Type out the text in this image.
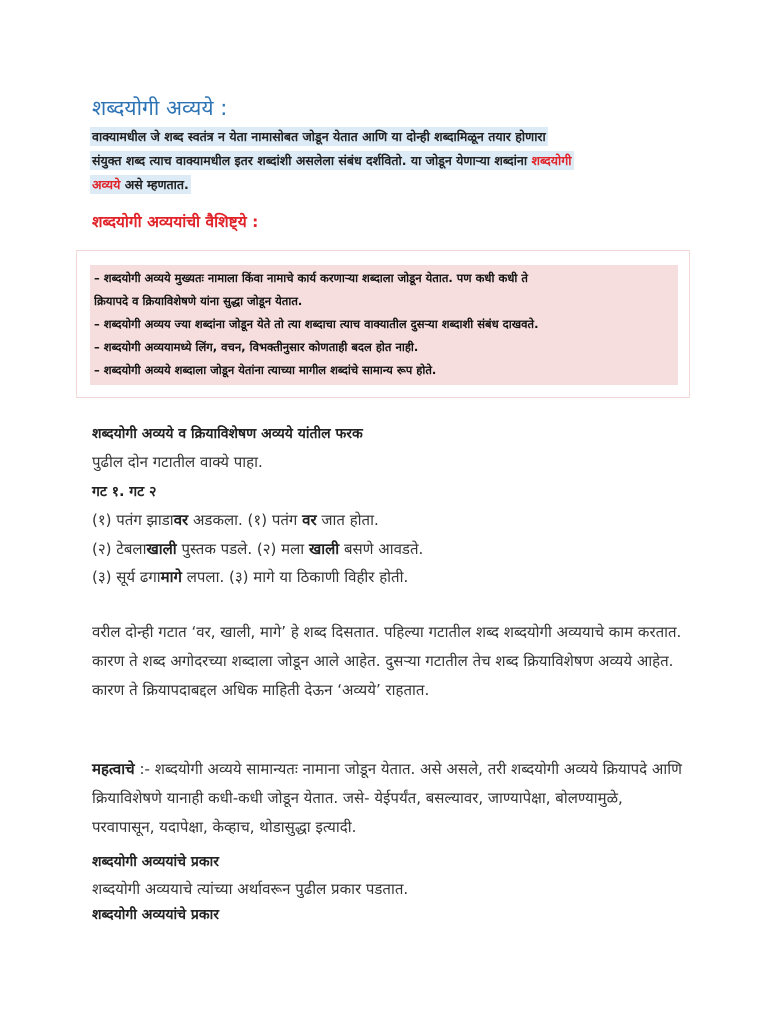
शब्दयोगी अव्यये :
वाक्यामधील जे शब्द स्वतंत्र न येता नामासोबत जोडून येतात आणि या दोन्ही शब्दामिळून तयार होणारा
संयुक्त शब्द त्याच वाक्यामधील इतर शब्दांशी असलेला संबंध दर्शवितो. या जोडून येणाऱ्या शब्दांना शब्दयोगी
अव्यये असे म्हणतात.
शब्दयोगी अव्ययांची वैशिष्ट्ये :
– शब्दयोगी अव्यये मुख्यतः नामाला किंवा नामाचे कार्य करणाऱ्या शब्दाला जोडून येतात. पण कधी कधी ते
क्रियापदे व क्रियाविशेषणे यांना सुद्धा जोडून येतात.
– शब्दयोगी अव्यय ज्या शब्दांना जोडून येते तो त्या शब्दाचा त्याच वाक्यातील दुसऱ्या शब्दाशी संबंध दाखवते.
– शब्दयोगी अव्ययामध्ये लिंग, वचन, विभक्तीनुसार कोणताही बदल होत नाही.
– शब्दयोगी अव्यये शब्दाला जोडून येतांना त्याच्या मागील शब्दांचे सामान्य रूप होते.
शब्दयोगी अव्यये व क्रियाविशेषण अव्यये यांतील फरक
पुढील दोन गटातील वाक्ये पाहा.
गट १. गट २
(१) पतंग झाडावर अडकला. (१) पतंग वर जात होता.
(२) टेबलाखाली पुस्तक पडले. (२) मला खाली बसणे आवडते.
(३) सूर्य ढगामागे लपला. (३) मागे या ठिकाणी विहीर होती.
वरील दोन्ही गटात ‘वर, खाली, मागे’ हे शब्द दिसतात. पहिल्या गटातील शब्द शब्दयोगी अव्ययाचे काम करतात. कारण ते शब्द अगोदरच्या शब्दाला जोडून आले आहेत. दुसऱ्या गटातील तेच शब्द क्रियाविशेषण अव्यये आहेत. कारण ते क्रियापदाबद्दल अधिक माहिती देऊन ‘अव्यये’ राहतात.
महत्वाचे :- शब्दयोगी अव्यये सामान्यतः नामाना जोडून येतात. असे असले, तरी शब्दयोगी अव्यये क्रियापदे आणि क्रियाविशेषणे यानाही कधी-कधी जोडून येतात. जसे- येईपर्यंत, बसल्यावर, जाण्यापेक्षा, बोलण्यामुळे, परवापासून, यदापेक्षा, केव्हाच, थोडासुद्धा इत्यादी.
शब्दयोगी अव्ययांचे प्रकार
शब्दयोगी अव्ययाचे त्यांच्या अर्थावरून पुढील प्रकार पडतात.
शब्दयोगी अव्ययांचे प्रकार
